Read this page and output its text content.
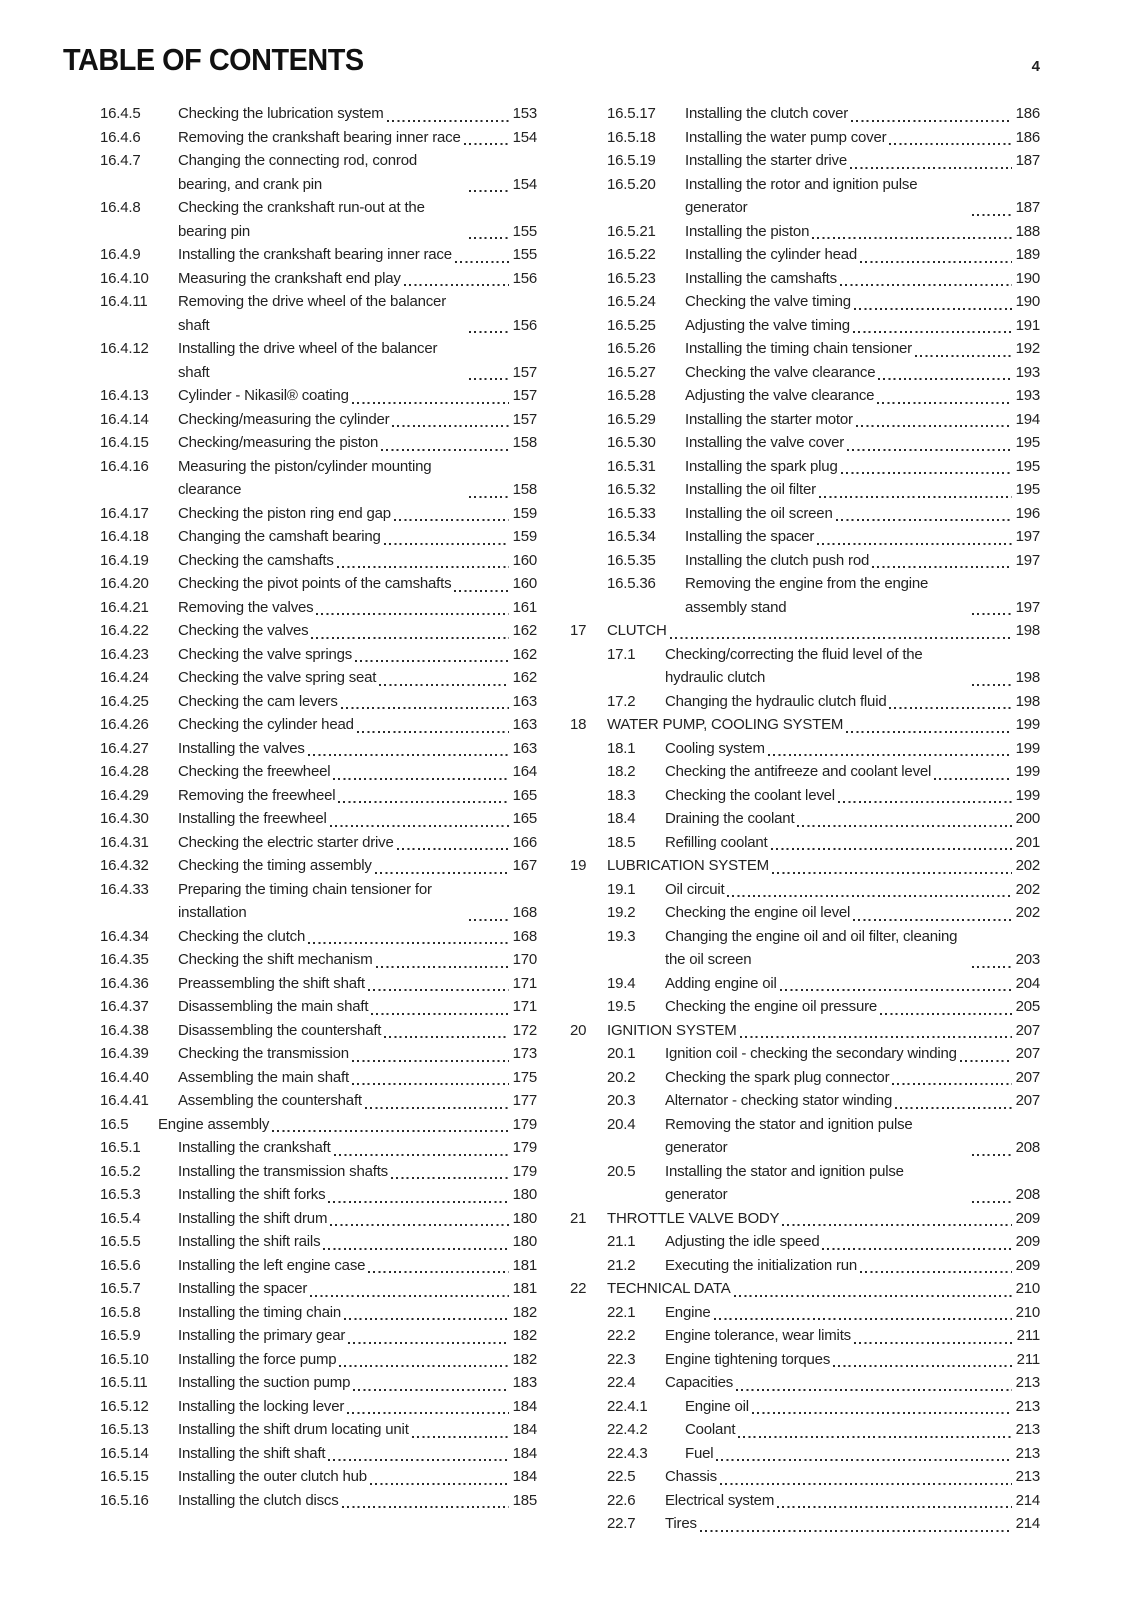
TABLE OF CONTENTS	4
16.4.5	Checking the lubrication system	153
16.4.6	Removing the crankshaft bearing inner race	154
16.4.7	Changing the connecting rod, conrod bearing, and crank pin	154
16.4.8	Checking the crankshaft run-out at the bearing pin	155
16.4.9	Installing the crankshaft bearing inner race	155
16.4.10	Measuring the crankshaft end play	156
16.4.11	Removing the drive wheel of the balancer shaft	156
16.4.12	Installing the drive wheel of the balancer shaft	157
16.4.13	Cylinder - Nikasil® coating	157
16.4.14	Checking/measuring the cylinder	157
16.4.15	Checking/measuring the piston	158
16.4.16	Measuring the piston/cylinder mounting clearance	158
16.4.17	Checking the piston ring end gap	159
16.4.18	Changing the camshaft bearing	159
16.4.19	Checking the camshafts	160
16.4.20	Checking the pivot points of the camshafts	160
16.4.21	Removing the valves	161
16.4.22	Checking the valves	162
16.4.23	Checking the valve springs	162
16.4.24	Checking the valve spring seat	162
16.4.25	Checking the cam levers	163
16.4.26	Checking the cylinder head	163
16.4.27	Installing the valves	163
16.4.28	Checking the freewheel	164
16.4.29	Removing the freewheel	165
16.4.30	Installing the freewheel	165
16.4.31	Checking the electric starter drive	166
16.4.32	Checking the timing assembly	167
16.4.33	Preparing the timing chain tensioner for installation	168
16.4.34	Checking the clutch	168
16.4.35	Checking the shift mechanism	170
16.4.36	Preassembling the shift shaft	171
16.4.37	Disassembling the main shaft	171
16.4.38	Disassembling the countershaft	172
16.4.39	Checking the transmission	173
16.4.40	Assembling the main shaft	175
16.4.41	Assembling the countershaft	177
16.5	Engine assembly	179
16.5.1	Installing the crankshaft	179
16.5.2	Installing the transmission shafts	179
16.5.3	Installing the shift forks	180
16.5.4	Installing the shift drum	180
16.5.5	Installing the shift rails	180
16.5.6	Installing the left engine case	181
16.5.7	Installing the spacer	181
16.5.8	Installing the timing chain	182
16.5.9	Installing the primary gear	182
16.5.10	Installing the force pump	182
16.5.11	Installing the suction pump	183
16.5.12	Installing the locking lever	184
16.5.13	Installing the shift drum locating unit	184
16.5.14	Installing the shift shaft	184
16.5.15	Installing the outer clutch hub	184
16.5.16	Installing the clutch discs	185
16.5.17	Installing the clutch cover	186
16.5.18	Installing the water pump cover	186
16.5.19	Installing the starter drive	187
16.5.20	Installing the rotor and ignition pulse generator	187
16.5.21	Installing the piston	188
16.5.22	Installing the cylinder head	189
16.5.23	Installing the camshafts	190
16.5.24	Checking the valve timing	190
16.5.25	Adjusting the valve timing	191
16.5.26	Installing the timing chain tensioner	192
16.5.27	Checking the valve clearance	193
16.5.28	Adjusting the valve clearance	193
16.5.29	Installing the starter motor	194
16.5.30	Installing the valve cover	195
16.5.31	Installing the spark plug	195
16.5.32	Installing the oil filter	195
16.5.33	Installing the oil screen	196
16.5.34	Installing the spacer	197
16.5.35	Installing the clutch push rod	197
16.5.36	Removing the engine from the engine assembly stand	197
17	CLUTCH	198
17.1	Checking/correcting the fluid level of the hydraulic clutch	198
17.2	Changing the hydraulic clutch fluid	198
18	WATER PUMP, COOLING SYSTEM	199
18.1	Cooling system	199
18.2	Checking the antifreeze and coolant level	199
18.3	Checking the coolant level	199
18.4	Draining the coolant	200
18.5	Refilling coolant	201
19	LUBRICATION SYSTEM	202
19.1	Oil circuit	202
19.2	Checking the engine oil level	202
19.3	Changing the engine oil and oil filter, cleaning the oil screen	203
19.4	Adding engine oil	204
19.5	Checking the engine oil pressure	205
20	IGNITION SYSTEM	207
20.1	Ignition coil - checking the secondary winding	207
20.2	Checking the spark plug connector	207
20.3	Alternator - checking stator winding	207
20.4	Removing the stator and ignition pulse generator	208
20.5	Installing the stator and ignition pulse generator	208
21	THROTTLE VALVE BODY	209
21.1	Adjusting the idle speed	209
21.2	Executing the initialization run	209
22	TECHNICAL DATA	210
22.1	Engine	210
22.2	Engine tolerance, wear limits	211
22.3	Engine tightening torques	211
22.4	Capacities	213
22.4.1	Engine oil	213
22.4.2	Coolant	213
22.4.3	Fuel	213
22.5	Chassis	213
22.6	Electrical system	214
22.7	Tires	214
